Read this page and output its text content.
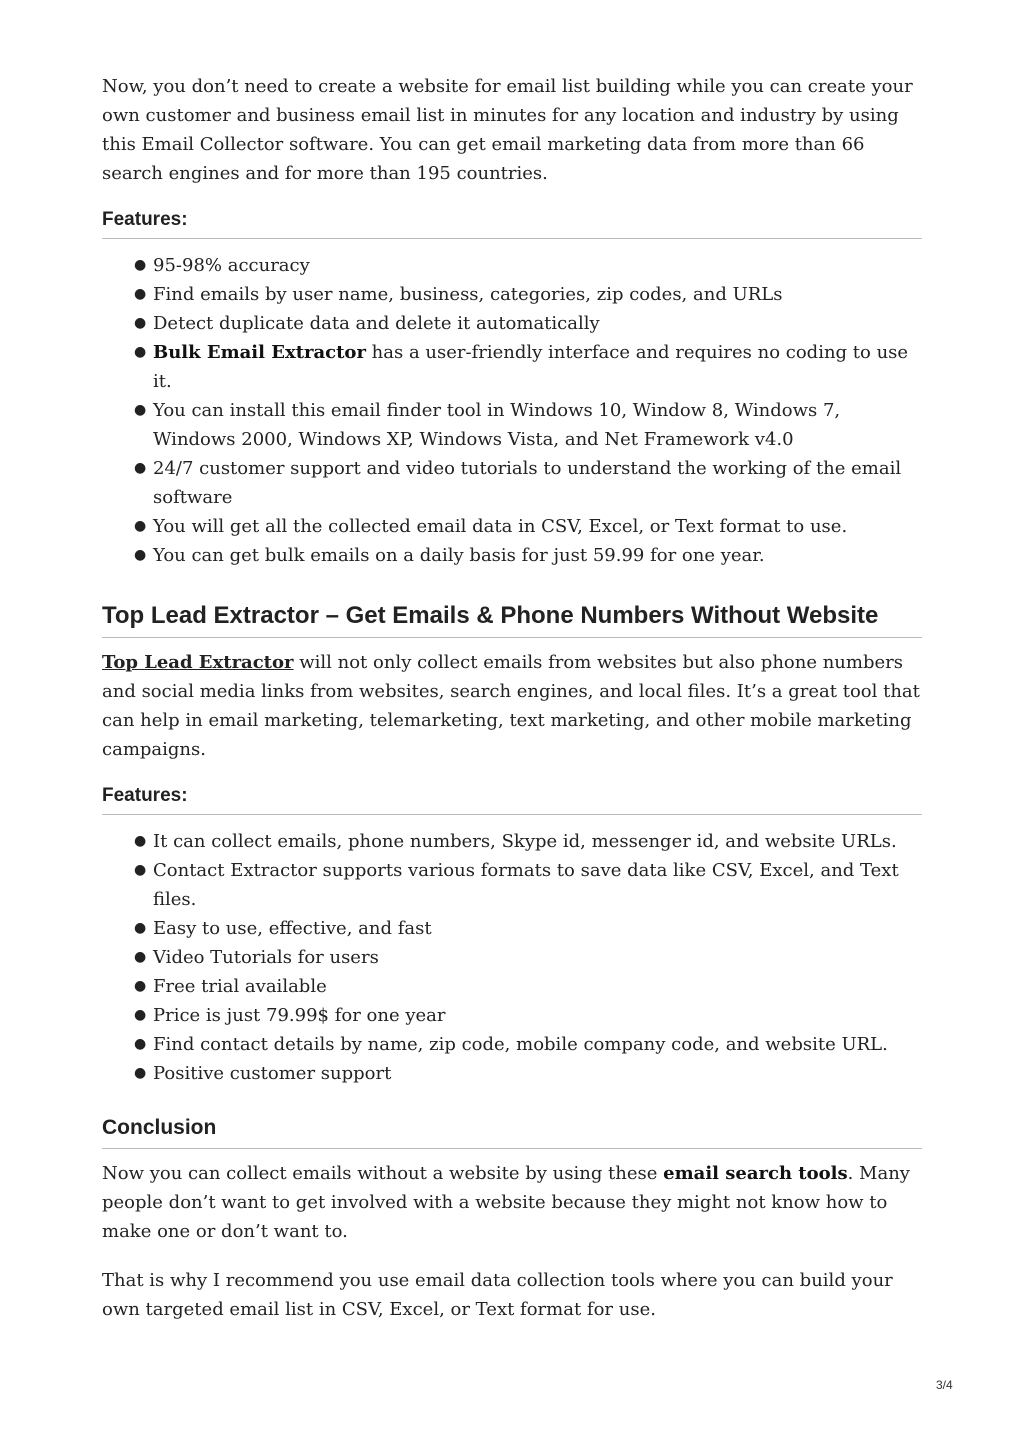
Now, you don’t need to create a website for email list building while you can create your own customer and business email list in minutes for any location and industry by using this Email Collector software. You can get email marketing data from more than 66 search engines and for more than 195 countries.

Features:
● 95-98% accuracy
● Find emails by user name, business, categories, zip codes, and URLs
● Detect duplicate data and delete it automatically
● Bulk Email Extractor has a user-friendly interface and requires no coding to use it.
● You can install this email finder tool in Windows 10, Window 8, Windows 7, Windows 2000, Windows XP, Windows Vista, and Net Framework v4.0
● 24/7 customer support and video tutorials to understand the working of the email software
● You will get all the collected email data in CSV, Excel, or Text format to use.
● You can get bulk emails on a daily basis for just 59.99 for one year.
Top Lead Extractor – Get Emails & Phone Numbers Without Website

Top Lead Extractor will not only collect emails from websites but also phone numbers and social media links from websites, search engines, and local files. It’s a great tool that can help in email marketing, telemarketing, text marketing, and other mobile marketing campaigns.

Features:
● It can collect emails, phone numbers, Skype id, messenger id, and website URLs.
● Contact Extractor supports various formats to save data like CSV, Excel, and Text files.
● Easy to use, effective, and fast
● Video Tutorials for users
● Free trial available
● Price is just 79.99$ for one year
● Find contact details by name, zip code, mobile company code, and website URL.
● Positive customer support
Conclusion

Now you can collect emails without a website by using these email search tools. Many people don’t want to get involved with a website because they might not know how to make one or don’t want to.

That is why I recommend you use email data collection tools where you can build your own targeted email list in CSV, Excel, or Text format for use.

3/4
